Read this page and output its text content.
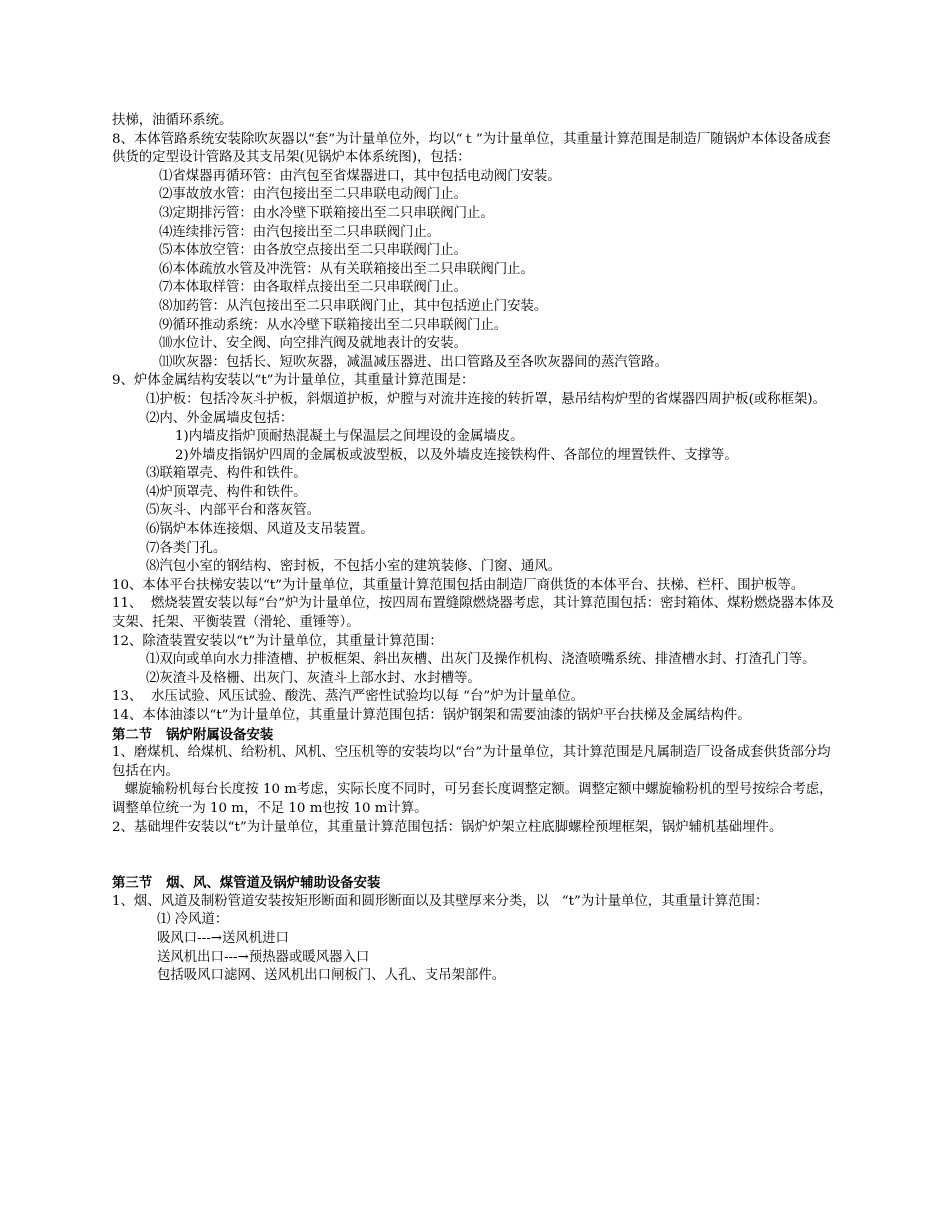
扶梯，油循环系统。
8、本体管路系统安装除吹灰器以“套”为计量单位外，均以“ｔ”为计量单位，其重量计算范围是制造厂随锅炉本体设备成套供货的定型设计管路及其支吊架(见锅炉本体系统图)，包括：
⑴省煤器再循环管：由汽包至省煤器进口，其中包括电动阀门安装。
⑵事故放水管：由汽包接出至二只串联电动阀门止。
⑶定期排污管：由水冷壁下联箱接出至二只串联阀门止。
⑷连续排污管：由汽包接出至二只串联阀门止。
⑸本体放空管：由各放空点接出至二只串联阀门止。
⑹本体疏放水管及冲洗管：从有关联箱接出至二只串联阀门止。
⑺本体取样管：由各取样点接出至二只串联阀门止。
⑻加药管：从汽包接出至二只串联阀门止，其中包括逆止门安装。
⑼循环推动系统：从水冷壁下联箱接出至二只串联阀门止。
⑽水位计、安全阀、向空排汽阀及就地表计的安装。
⑾吹灰器：包括长、短吹灰器，减温减压器进、出口管路及至各吹灰器间的蒸汽管路。
9、炉体金属结构安装以“t”为计量单位，其重量计算范围是：
⑴护板：包括冷灰斗护板，斜烟道护板，炉膛与对流井连接的转折罩，悬吊结构炉型的省煤器四周护板(或称框架)。
⑵内、外金属墙皮包括：
1)内墙皮指炉顶耐热混凝土与保温层之间埋设的金属墙皮。
2)外墙皮指锅炉四周的金属板或波型板，以及外墙皮连接铁构件、各部位的埋置铁件、支撑等。
⑶联箱罩壳、构件和铁件。
⑷炉顶罩壳、构件和铁件。
⑸灰斗、内部平台和落灰管。
⑹锅炉本体连接烟、风道及支吊装置。
⑺各类门孔。
⑻汽包小室的钢结构、密封板，不包括小室的建筑装修、门窗、通风。
10、本体平台扶梯安装以“t”为计量单位，其重量计算范围包括由制造厂商供货的本体平台、扶梯、栏杆、围护板等。
11、  燃烧装置安装以每“台”炉为计量单位，按四周布置缝隙燃烧器考虑，其计算范围包括：密封箱体、煤粉燃烧器本体及支架、托架、平衡装置（滑轮、重锤等）。
12、除渣装置安装以“t”为计量单位，其重量计算范围：
⑴双向或单向水力排渣槽、护板框架、斜出灰槽、出灰门及操作机构、浇渣喷嘴系统、排渣槽水封、打渣孔门等。
⑵灰渣斗及格栅、出灰门、灰渣斗上部水封、水封槽等。
13、  水压试验、风压试验、酸洗、蒸汽严密性试验均以每 “台”炉为计量单位。
14、本体油漆以“t”为计量单位，其重量计算范围包括：锅炉钢架和需要油漆的锅炉平台扶梯及金属结构件。
第二节   锅炉附属设备安装
1、磨煤机、给煤机、给粉机、风机、空压机等的安装均以“台”为计量单位，其计算范围是凡属制造厂设备成套供货部分均包括在内。
螺旋输粉机每台长度按 10 m考虑，实际长度不同时，可另套长度调整定额。调整定额中螺旋输粉机的型号按综合考虑，调整单位统一为 10 m，不足 10 m也按 10 m计算。
2、基础埋件安装以“t”为计量单位，其重量计算范围包括：锅炉炉架立柱底脚螺栓预埋框架，锅炉辅机基础埋件。
第三节   烟、风、煤管道及锅炉辅助设备安装
1、烟、风道及制粉管道安装按矩形断面和圆形断面以及其壁厚来分类，以   “t”为计量单位，其重量计算范围：
⑴ 冷风道：
吸风口---→送风机进口
送风机出口---→预热器或暖风器入口
包括吸风口滤网、送风机出口闸板门、人孔、支吊架部件。
